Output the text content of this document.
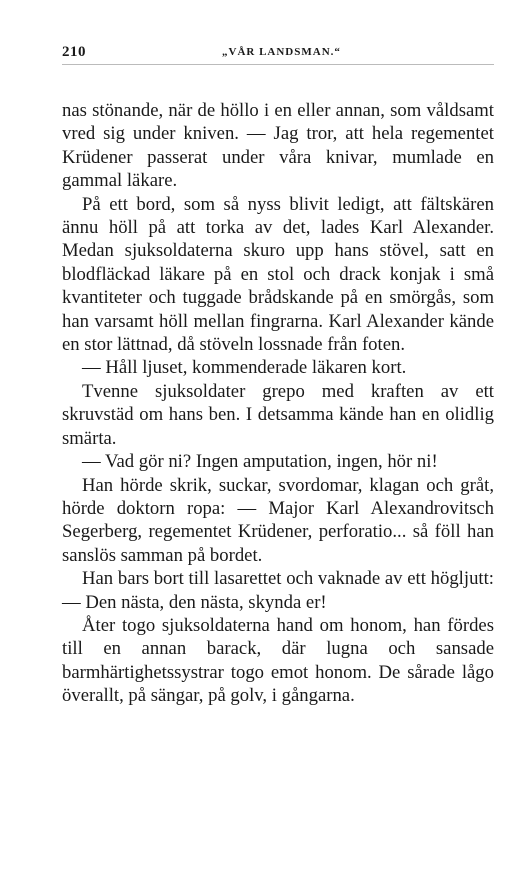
210	„VÅR LANDSMAN.“

nas stönande, när de höllo i en eller annan, som våldsamt vred sig under kniven. — Jag tror, att hela regementet Krüdener passerat under våra knivar, mumlade en gammal läkare.

På ett bord, som så nyss blivit ledigt, att fältskären ännu höll på att torka av det, lades Karl Alexander. Medan sjuksoldaterna skuro upp hans stövel, satt en blodfläckad läkare på en stol och drack konjak i små kvantiteter och tuggade brådskande på en smörgås, som han varsamt höll mellan fingrarna. Karl Alexander kände en stor lättnad, då stöveln lossnade från foten.

— Håll ljuset, kommenderade läkaren kort.

Tvenne sjuksoldater grepo med kraften av ett skruvstäd om hans ben. I detsamma kände han en olidlig smärta.

— Vad gör ni? Ingen amputation, ingen, hör ni!

Han hörde skrik, suckar, svordomar, klagan och gråt, hörde doktorn ropa: — Major Karl Alexandrovitsch Segerberg, regementet Krüdener, perforatio... så föll han sanslös samman på bordet.

Han bars bort till lasarettet och vaknade av ett högljutt: — Den nästa, den nästa, skynda er!

Åter togo sjuksoldaterna hand om honom, han fördes till en annan barack, där lugna och sansade barmhärtighetssystrar togo emot honom. De sårade lågo överallt, på sängar, på golv, i gångarna.
